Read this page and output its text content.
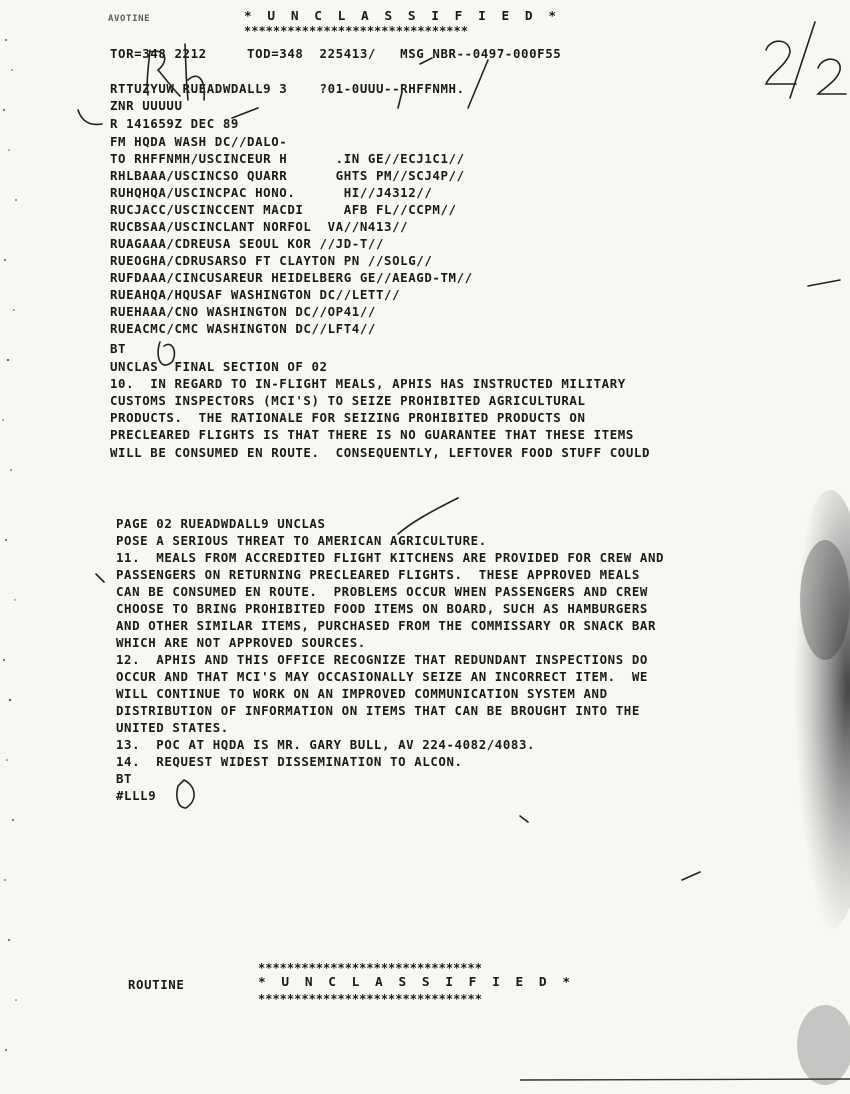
AVOTINE	* U N C L A S S I F I E D *
*******************************
TOR=348 2212     TOD=348  225413/   MSG NBR--0497-000F55
RTTUZYUW RUEADWDALL9 3    ?01-0UUU--RHFFNMH.
ZNR UUUUU
R 141659Z DEC 89
FM HQDA WASH DC//DALO-
TO RHFFNMH/USCINCEUR H      .IN GE//ECJ1C1//
RHLBAAA/USCINCSO QUARR      GHTS PM//SCJ4P//
RUHQHQA/USCINCPAC HONO.      HI//J4312//
RUCJACC/USCINCCENT MACDI     AFB FL//CCPM//
RUCBSAA/USCINCLANT NORFOL  VA//N413//
RUAGAAA/CDREUSA SEOUL KOR //JD-T//
RUEOGHA/CDRUSARSO FT CLAYTON PN //SOLG//
RUFDAAA/CINCUSAREUR HEIDELBERG GE//AEAGD-TM//
RUEAHQA/HQUSAF WASHINGTON DC//LETT//
RUEHAAA/CNO WASHINGTON DC//OP41//
RUEACMC/CMC WASHINGTON DC//LFT4//
BT
UNCLAS  FINAL SECTION OF 02
10.  IN REGARD TO IN-FLIGHT MEALS, APHIS HAS INSTRUCTED MILITARY
CUSTOMS INSPECTORS (MCI'S) TO SEIZE PROHIBITED AGRICULTURAL
PRODUCTS.  THE RATIONALE FOR SEIZING PROHIBITED PRODUCTS ON
PRECLEARED FLIGHTS IS THAT THERE IS NO GUARANTEE THAT THESE ITEMS
WILL BE CONSUMED EN ROUTE.  CONSEQUENTLY, LEFTOVER FOOD STUFF COULD
PAGE 02 RUEADWDALL9 UNCLAS
POSE A SERIOUS THREAT TO AMERICAN AGRICULTURE.
11.  MEALS FROM ACCREDITED FLIGHT KITCHENS ARE PROVIDED FOR CREW AND
PASSENGERS ON RETURNING PRECLEARED FLIGHTS.  THESE APPROVED MEALS
CAN BE CONSUMED EN ROUTE.  PROBLEMS OCCUR WHEN PASSENGERS AND CREW
CHOOSE TO BRING PROHIBITED FOOD ITEMS ON BOARD, SUCH AS HAMBURGERS
AND OTHER SIMILAR ITEMS, PURCHASED FROM THE COMMISSARY OR SNACK BAR
WHICH ARE NOT APPROVED SOURCES.
12.  APHIS AND THIS OFFICE RECOGNIZE THAT REDUNDANT INSPECTIONS DO
OCCUR AND THAT MCI'S MAY OCCASIONALLY SEIZE AN INCORRECT ITEM.  WE
WILL CONTINUE TO WORK ON AN IMPROVED COMMUNICATION SYSTEM AND
DISTRIBUTION OF INFORMATION ON ITEMS THAT CAN BE BROUGHT INTO THE
UNITED STATES.
13.  POC AT HQDA IS MR. GARY BULL, AV 224-4082/4083.
14.  REQUEST WIDEST DISSEMINATION TO ALCON.
BT
#LLL9
ROUTINE
*******************************
* U N C L A S S I F I E D *
*******************************
